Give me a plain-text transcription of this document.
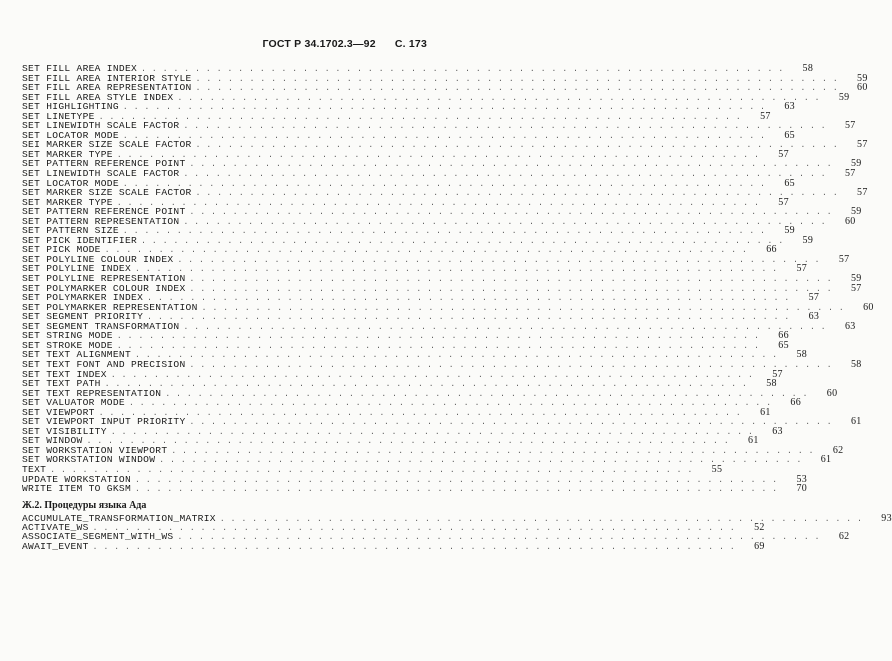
ГОСТ Р 34.1702.3—92 С. 173
SET FILL AREA INDEX ............................................................	58
SET FILL AREA INTERIOR STYLE ............................................................	59
SET FILL AREA REPRESENTATION ............................................................	60
SET FILL AREA STYLE INDEX ............................................................	59
SET HIGHLIGHTING ............................................................	63
SET LINETYPE ............................................................	57
SET LINEWIDTH SCALE FACTOR ............................................................	57
SET LOCATOR MODE ............................................................	65
SEI MARKER SIZE SCALE FACTOR ............................................................	57
SET MARKER TYPE ............................................................	57
SET PATTERN REFERENCE POINT ............................................................	59
SET LINEWIDTH SCALE FACTOR ............................................................	57
SET LOCATOR MODE ............................................................	65
SET MARKER SIZE SCALE FACTOR ............................................................	57
SET MARKER TYPE ............................................................	57
SET PATTERN REFERENCE POINT ............................................................	59
SET PATTERN REPRESENTATION ............................................................	60
SET PATTERN SIZE ............................................................	59
SET PICK IDENTIFIER ............................................................	59
SET PICK MODE ............................................................	66
SET POLYLINE COLOUR INDEX ............................................................	57
SET POLYLINE INDEX ............................................................	57
SET POLYLINE REPRESENTATION ............................................................	59
SET POLYMARKER COLOUR INDEX ............................................................	57
SET POLYMARKER INDEX ............................................................	57
SET POLYMARKER REPRESENTATION ............................................................	60
SET SEGMENT PRIORITY ............................................................	63
SET SEGMENT TRANSFORMATION ............................................................	63
SET STRING MODE ............................................................	66
SET STROKE MODE ............................................................	65
SET TEXT ALIGNMENT ............................................................	58
SET TEXT FONT AND PRECISION ............................................................	58
SET TEXT INDEX ............................................................	57
SET TEXT PATH ............................................................	58
SET TEXT REPRESENTATION ............................................................	60
SET VALUATOR MODE ............................................................	66
SET VIEWPORT ............................................................	61
SET VIEWPORT INPUT PRIORITY ............................................................	61
SET VISIBILITY ............................................................	63
SET WINDOW ............................................................	61
SET WORKSTATION VIEWPORT ............................................................	62
SET WORKSTATION WINDOW ............................................................	61
TEXT ............................................................	55
UPDATE WORKSTATION ............................................................	53
WRITE ITEM TO GKSM ............................................................	70
Ж.2. Процедуры языка Ада
ACCUMULATE_TRANSFORMATION_MATRIX ............................................................	93
ACTIVATE_WS ............................................................	52
ASSOCIATE_SEGMENT_WITH_WS ............................................................	62
AWAIT_EVENT ............................................................	69
